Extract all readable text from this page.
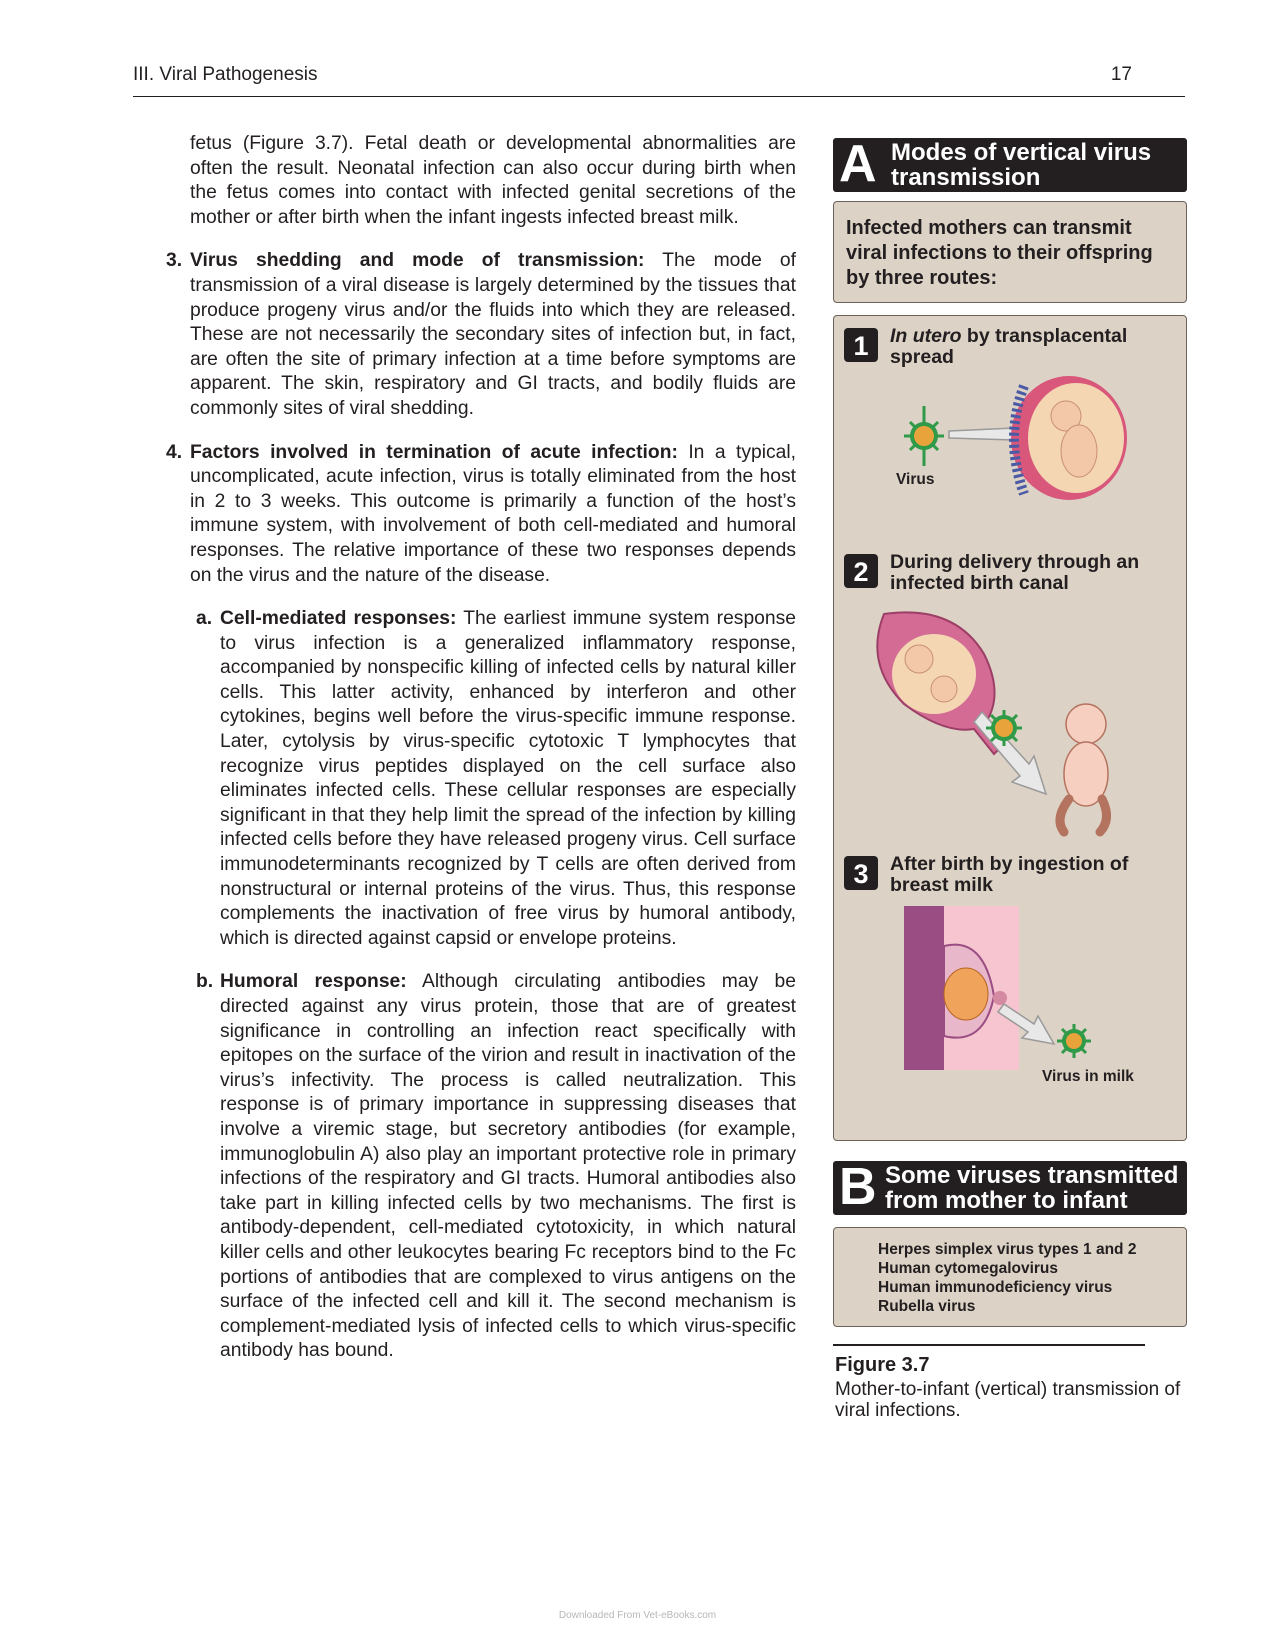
III. Viral Pathogenesis	17

fetus (Figure 3.7). Fetal death or developmental abnormalities are often the result. Neonatal infection can also occur during birth when the fetus comes into contact with infected genital secretions of the mother or after birth when the infant ingests infected breast milk.

3. Virus shedding and mode of transmission: The mode of transmission of a viral disease is largely determined by the tissues that produce progeny virus and/or the fluids into which they are released. These are not necessarily the secondary sites of infection but, in fact, are often the site of primary infection at a time before symptoms are apparent. The skin, respiratory and GI tracts, and bodily fluids are commonly sites of viral shedding.

4. Factors involved in termination of acute infection: In a typical, uncomplicated, acute infection, virus is totally eliminated from the host in 2 to 3 weeks. This outcome is primarily a function of the host’s immune system, with involvement of both cell-mediated and humoral responses. The relative importance of these two responses depends on the virus and the nature of the disease.

a. Cell-mediated responses: The earliest immune system response to virus infection is a generalized inflammatory response, accompanied by nonspecific killing of infected cells by natural killer cells. This latter activity, enhanced by interferon and other cytokines, begins well before the virus-specific immune response. Later, cytolysis by virus-specific cytotoxic T lymphocytes that recognize virus peptides displayed on the cell surface also eliminates infected cells. These cellular responses are especially significant in that they help limit the spread of the infection by killing infected cells before they have released progeny virus. Cell surface immunodeterminants recognized by T cells are often derived from nonstructural or internal proteins of the virus. Thus, this response complements the inactivation of free virus by humoral antibody, which is directed against capsid or envelope proteins.

b. Humoral response: Although circulating antibodies may be directed against any virus protein, those that are of greatest significance in controlling an infection react specifically with epitopes on the surface of the virion and result in inactivation of the virus’s infectivity. The process is called neutralization. This response is of primary importance in suppressing diseases that involve a viremic stage, but secretory antibodies (for example, immunoglobulin A) also play an important protective role in primary infections of the respiratory and GI tracts. Humoral antibodies also take part in killing infected cells by two mechanisms. The first is antibody-dependent, cell-mediated cytotoxicity, in which natural killer cells and other leukocytes bearing Fc receptors bind to the Fc portions of antibodies that are complexed to virus antigens on the surface of the infected cell and kill it. The second mechanism is complement-mediated lysis of infected cells to which virus-specific antibody has bound.

A Modes of vertical virus transmission
Infected mothers can transmit viral infections to their offspring by three routes:
1	In utero by transplacental spread
Virus
2	During delivery through an infected birth canal
3	After birth by ingestion of breast milk
Virus in milk
B Some viruses transmitted from mother to infant
Herpes simplex virus types 1 and 2
Human cytomegalovirus
Human immunodeficiency virus
Rubella virus
Figure 3.7
Mother-to-infant (vertical) transmission of viral infections.
Downloaded From Vet-eBooks.com
